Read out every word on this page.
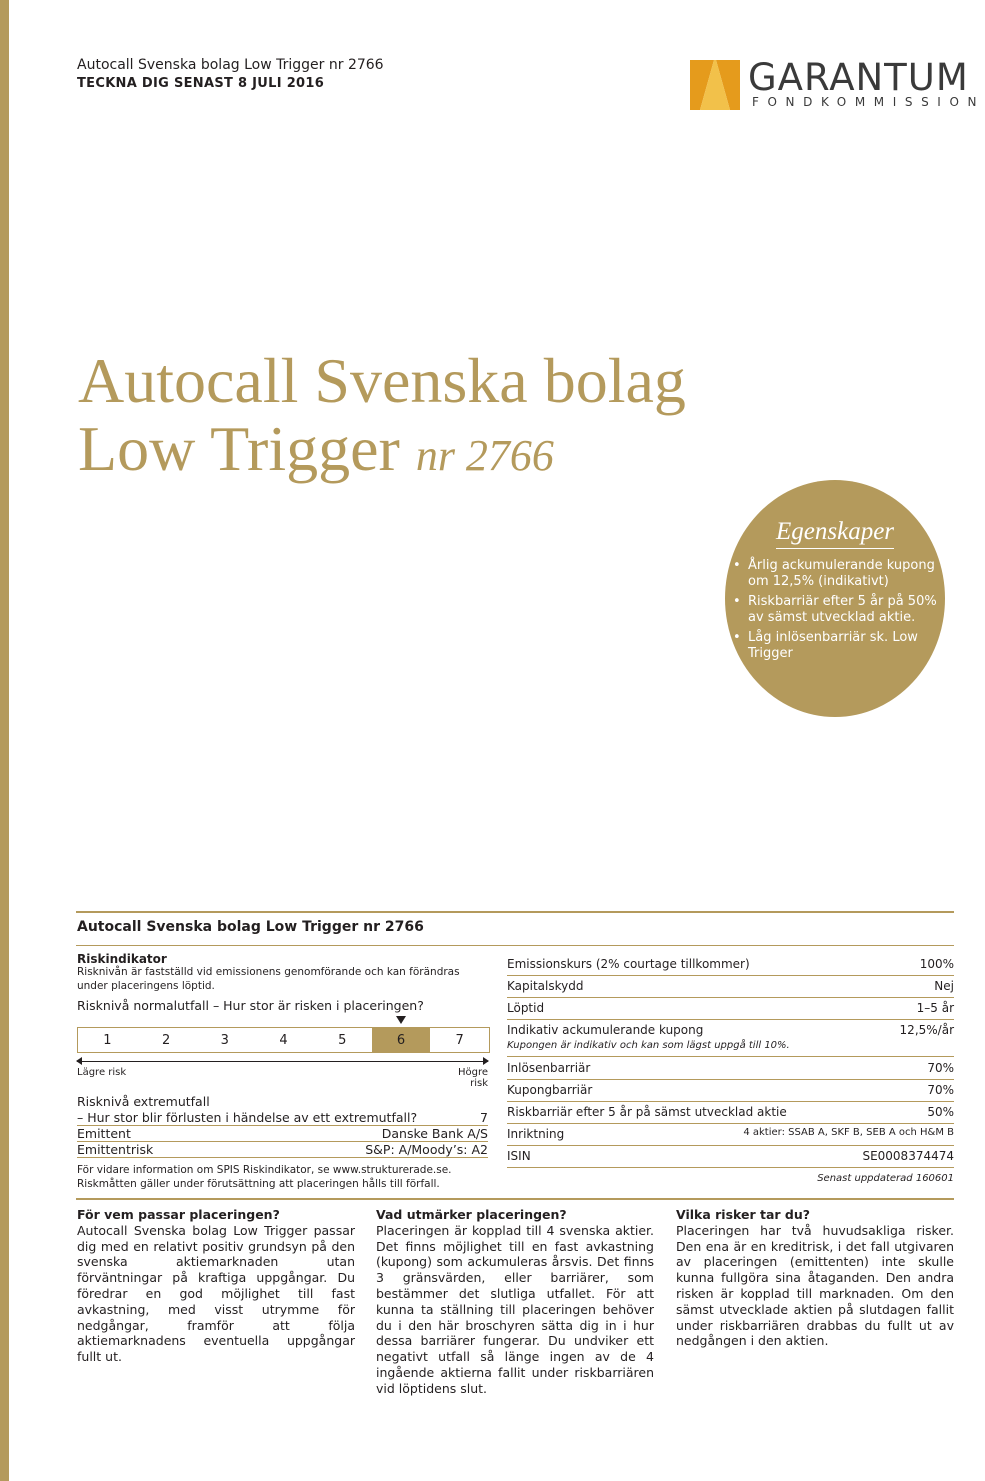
Autocall Svenska bolag Low Trigger nr 2766
TECKNA DIG SENAST 8 JULI 2016	GARANTUM
FONDKOMMISSION
Autocall Svenska bolag
Low Trigger nr 2766
Egenskaper
• Årlig ackumulerande kupong om 12,5% (indikativt)
• Riskbarriär efter 5 år på 50% av sämst utvecklad aktie.
• Låg inlösenbarriär sk. Low Trigger
Autocall Svenska bolag Low Trigger nr 2766
Riskindikator
Risknivån är fastställd vid emissionens genomförande och kan förändras under placeringens löptid.
Risknivå normalutfall – Hur stor är risken i placeringen?
1	2	3	4	5	6	7
Lägre risk	Högre risk
Risknivå extremutfall
– Hur stor blir förlusten i händelse av ett extremutfall?	7
Emittent	Danske Bank A/S
Emittentrisk	S&P: A/Moody’s: A2
För vidare information om SPIS Riskindikator, se www.strukturerade.se. Riskmåtten gäller under förutsättning att placeringen hålls till förfall.
Emissionskurs (2% courtage tillkommer)	100%
Kapitalskydd	Nej
Löptid	1–5 år
Indikativ ackumulerande kupong	12,5%/år
Kupongen är indikativ och kan som lägst uppgå till 10%.
Inlösenbarriär	70%
Kupongbarriär	70%
Riskbarriär efter 5 år på sämst utvecklad aktie	50%
Inriktning	4 aktier: SSAB A, SKF B, SEB A och H&M B
ISIN	SE0008374474
Senast uppdaterad 160601
För vem passar placeringen?

Autocall Svenska bolag Low Trigger passar dig med en relativt positiv grundsyn på den svenska aktiemarknaden utan förväntningar på kraftiga uppgångar. Du föredrar en god möjlighet till fast avkastning, med visst utrymme för nedgångar, framför att följa aktiemarknadens eventuella uppgångar fullt ut.

Vad utmärker placeringen?

Placeringen är kopplad till 4 svenska aktier. Det finns möjlighet till en fast avkastning (kupong) som ackumuleras årsvis. Det finns 3 gränsvärden, eller barriärer, som bestämmer det slutliga utfallet. För att kunna ta ställning till placeringen behöver du i den här broschyren sätta dig in i hur dessa barriärer fungerar. Du undviker ett negativt utfall så länge ingen av de 4 ingående aktierna fallit under riskbarriären vid löptidens slut.

Vilka risker tar du?

Placeringen har två huvudsakliga risker. Den ena är en kreditrisk, i det fall utgivaren av placeringen (emittenten) inte skulle kunna fullgöra sina åtaganden. Den andra risken är kopplad till marknaden. Om den sämst utvecklade aktien på slutdagen fallit under riskbarriären drabbas du fullt ut av nedgången i den aktien.
